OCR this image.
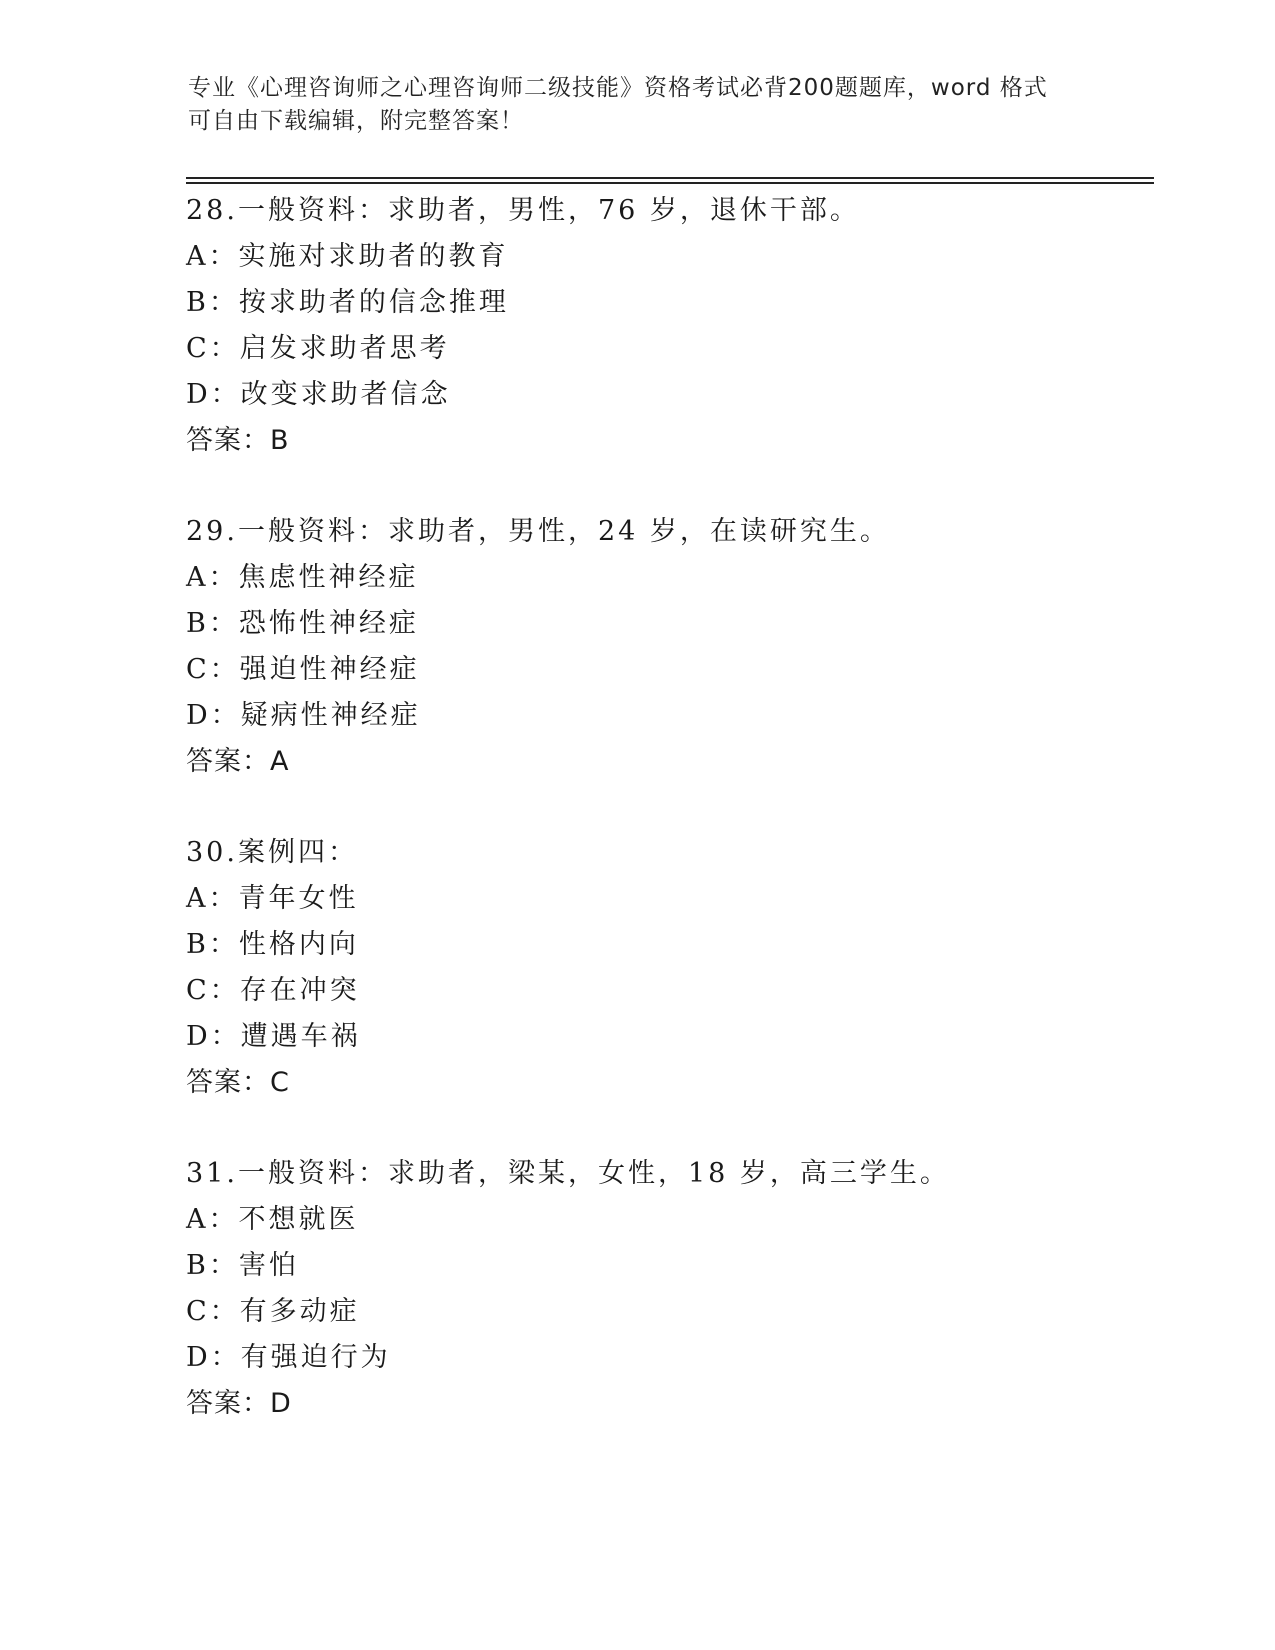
专业《心理咨询师之心理咨询师二级技能》资格考试必背200题题库，word 格式
可自由下载编辑，附完整答案！
28.一般资料：求助者，男性，76 岁，退休干部。
A：实施对求助者的教育
B：按求助者的信念推理
C：启发求助者思考
D：改变求助者信念
答案：B
29.一般资料：求助者，男性，24 岁，在读研究生。
A：焦虑性神经症
B：恐怖性神经症
C：强迫性神经症
D：疑病性神经症
答案：A
30.案例四：
A：青年女性
B：性格内向
C：存在冲突
D：遭遇车祸
答案：C
31.一般资料：求助者，梁某，女性，18 岁，高三学生。
A：不想就医
B：害怕
C：有多动症
D：有强迫行为
答案：D
